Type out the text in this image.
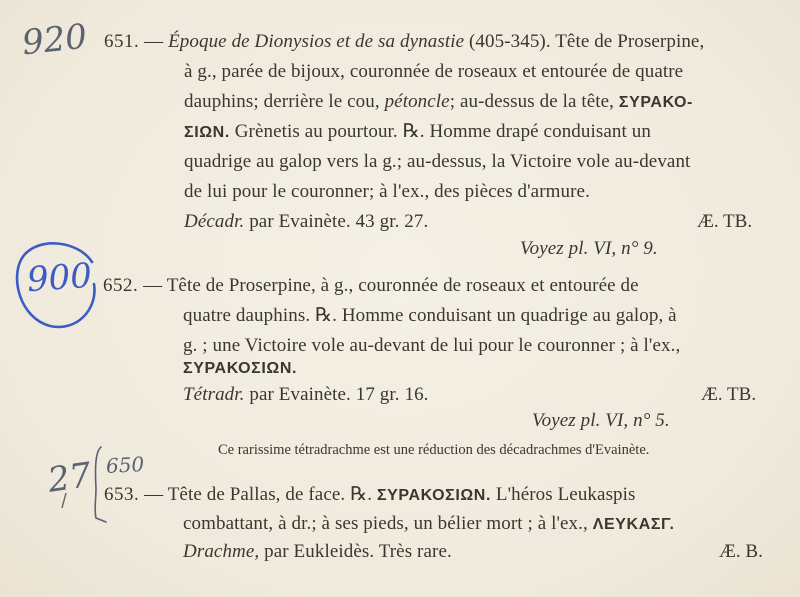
920
900
27 650
651. — Époque de Dionysios et de sa dynastie (405-345). Tête de Proserpine,
à g., parée de bijoux, couronnée de roseaux et entourée de quatre
dauphins; derrière le cou, pétoncle; au-dessus de la tête, ΣΥΡΑΚΟ-
ΣΙΩΝ. Grènetis au pourtour. ℞. Homme drapé conduisant un
quadrige au galop vers la g.; au-dessus, la Victoire vole au-devant
de lui pour le couronner; à l'ex., des pièces d'armure.
Décadr. par Evainète. 43 gr. 27.	Æ. TB.
Voyez pl. VI, n° 9.
652. — Tête de Proserpine, à g., couronnée de roseaux et entourée de
quatre dauphins. ℞. Homme conduisant un quadrige au galop, à
g. ; une Victoire vole au-devant de lui pour le couronner ; à l'ex.,
ΣΥΡΑΚΟΣΙΩΝ.
Tétradr. par Evainète. 17 gr. 16.	Æ. TB.
Voyez pl. VI, n° 5.
Ce rarissime tétradrachme est une réduction des décadrachmes d'Evainète.
653. — Tête de Pallas, de face. ℞. ΣΥΡΑΚΟΣΙΩΝ. L'héros Leukaspis
combattant, à dr.; à ses pieds, un bélier mort ; à l'ex., ΛΕΥΚΑΣΓ.
Drachme, par Eukleidès. Très rare.	Æ. B.
